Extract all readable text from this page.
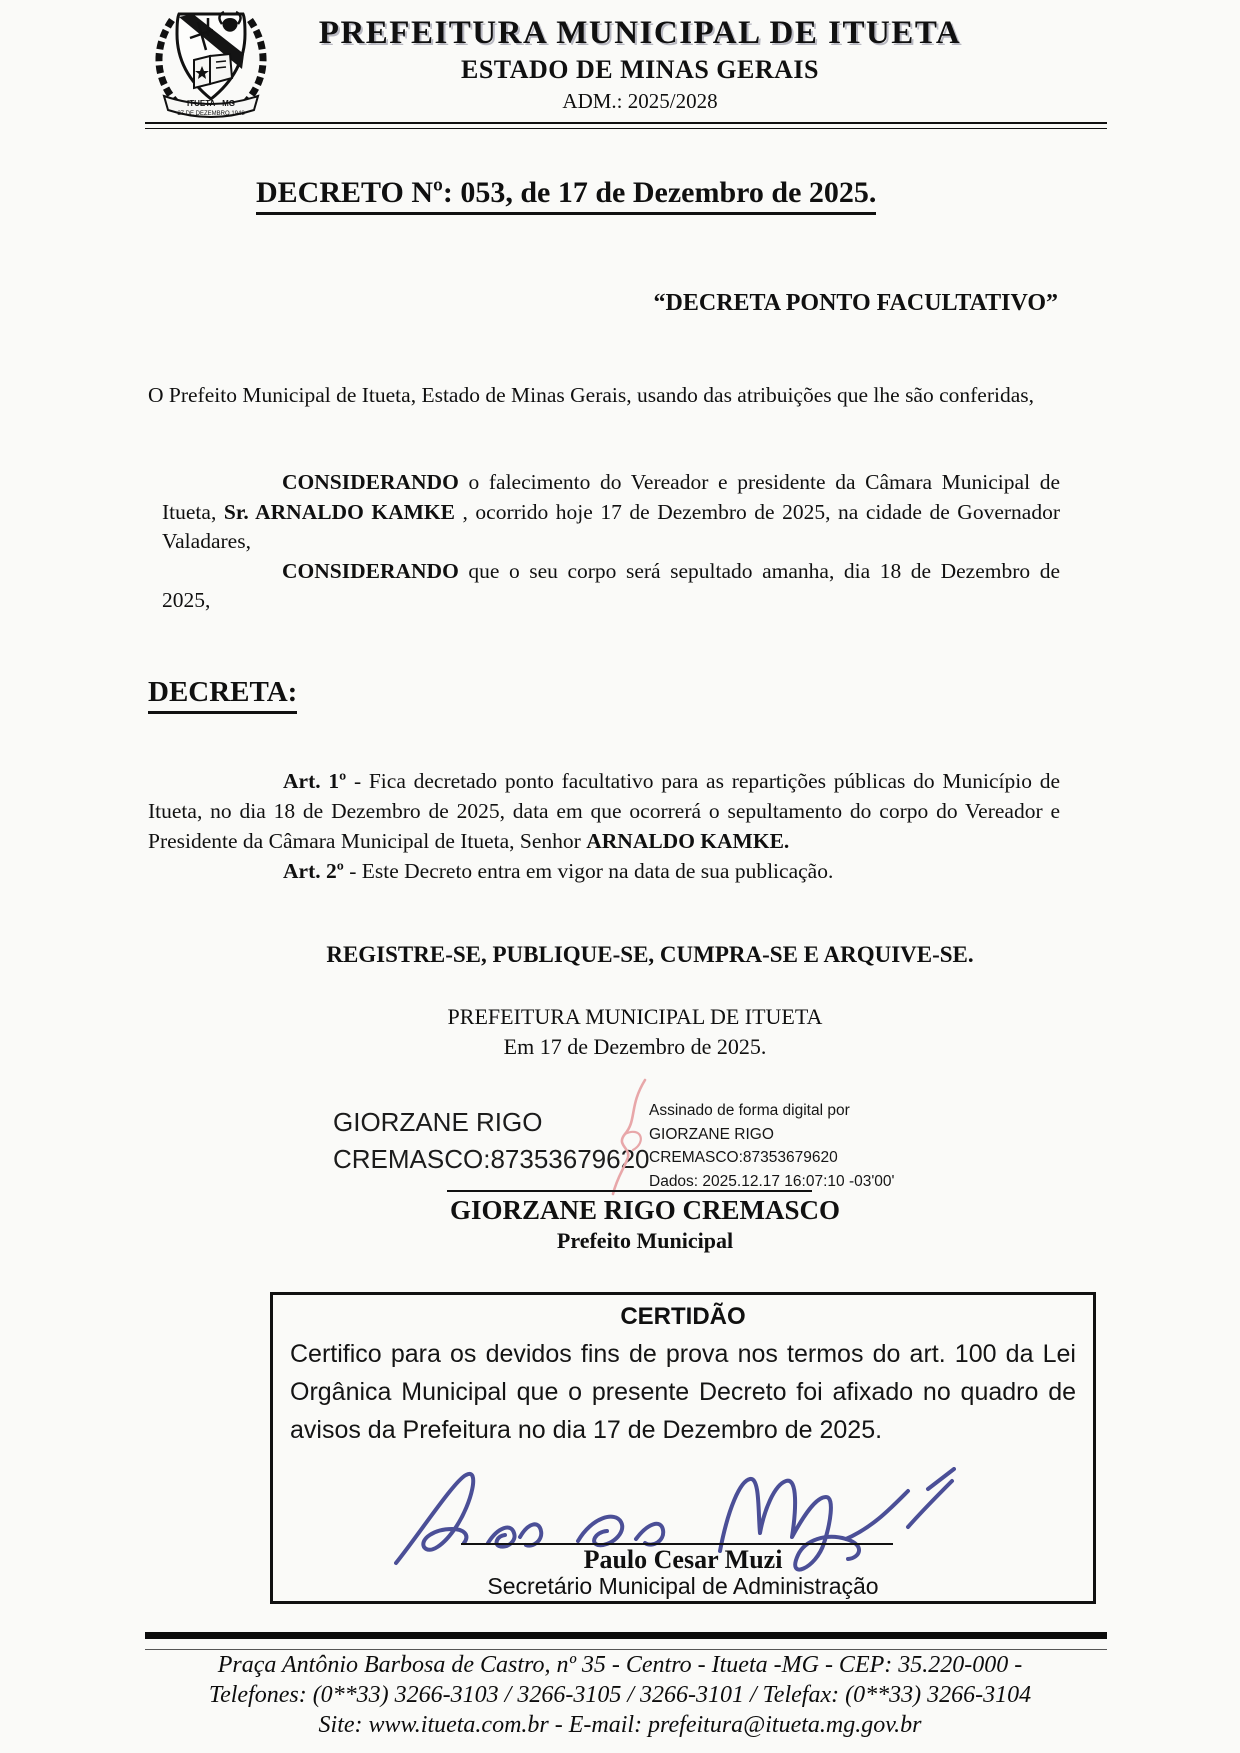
ITUETA - MG
27 DE DEZEMBRO 1948
PREFEITURA MUNICIPAL DE ITUETA
ESTADO DE MINAS GERAIS
ADM.: 2025/2028
DECRETO Nº: 053, de 17 de Dezembro de 2025.
“DECRETA PONTO FACULTATIVO”
O Prefeito Municipal de Itueta, Estado de Minas Gerais, usando das atribuições que lhe são conferidas,

CONSIDERANDO o falecimento do Vereador e presidente da Câmara Municipal de Itueta, Sr. ARNALDO KAMKE , ocorrido hoje 17 de Dezembro de 2025, na cidade de Governador Valadares,

CONSIDERANDO que o seu corpo será sepultado amanha, dia 18 de Dezembro de 2025,

DECRETA:

Art. 1º - Fica decretado ponto facultativo para as repartições públicas do Município de Itueta, no dia 18 de Dezembro de 2025, data em que ocorrerá o sepultamento do corpo do Vereador e Presidente da Câmara Municipal de Itueta, Senhor ARNALDO KAMKE.

Art. 2º - Este Decreto entra em vigor na data de sua publicação.

REGISTRE-SE, PUBLIQUE-SE, CUMPRA-SE E ARQUIVE-SE.
PREFEITURA MUNICIPAL DE ITUETA
Em 17 de Dezembro de 2025.
GIORZANE RIGO
CREMASCO:87353679620
Assinado de forma digital por
GIORZANE RIGO
CREMASCO:87353679620
Dados: 2025.12.17 16:07:10 -03'00'
GIORZANE RIGO CREMASCO
Prefeito Municipal
CERTIDÃO
Certifico para os devidos fins de prova nos termos do art. 100 da Lei Orgânica Municipal que o presente Decreto foi afixado no quadro de avisos da Prefeitura no dia 17 de Dezembro de 2025.
Paulo Cesar Muzi
Secretário Municipal de Administração
Praça Antônio Barbosa de Castro, nº 35 - Centro - Itueta -MG - CEP: 35.220-000 -
Telefones: (0**33) 3266-3103 / 3266-3105 / 3266-3101 / Telefax: (0**33) 3266-3104
Site: www.itueta.com.br - E-mail: prefeitura@itueta.mg.gov.br
